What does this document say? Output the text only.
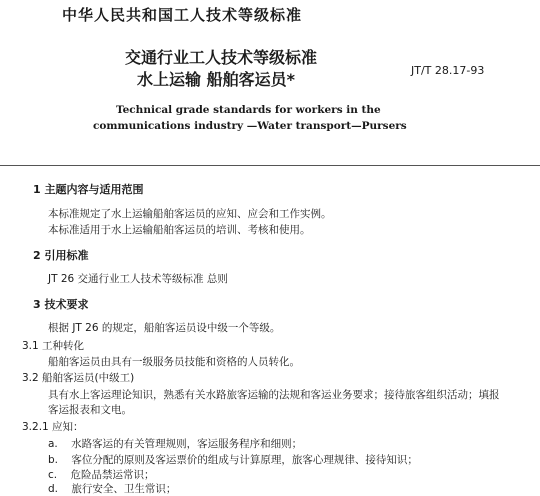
中华人民共和国工人技术等级标准
交通行业工人技术等级标准
水上运输 船舶客运员*	JT/T 28.17-93
Technical grade standards for workers in the
communications industry —Water transport—Pursers
1 主题内容与适用范围
本标准规定了水上运输船舶客运员的应知、应会和工作实例。
本标准适用于水上运输船舶客运员的培训、考核和使用。
2 引用标准
JT 26 交通行业工人技术等级标准 总则
3 技术要求
根据 JT 26 的规定，船舶客运员设中级一个等级。
3.1 工种转化
船舶客运员由具有一级服务员技能和资格的人员转化。
3.2 船舶客运员(中级工)
具有水上客运理论知识，熟悉有关水路旅客运输的法规和客运业务要求；接待旅客组织活动；填报
客运报表和文电。
3.2.1 应知：
a. 水路客运的有关管理规则，客运服务程序和细则；
b. 客位分配的原则及客运票价的组成与计算原理，旅客心理规律、接待知识；
c. 危险品禁运常识；
d. 旅行安全、卫生常识；
